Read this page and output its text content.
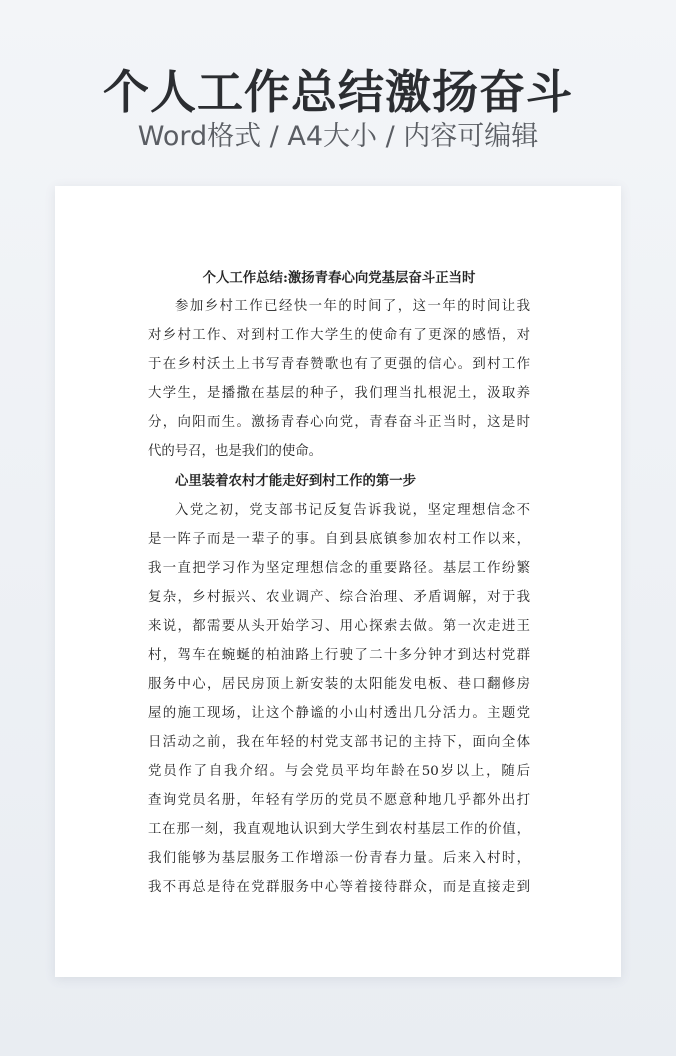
个人工作总结激扬奋斗
Word格式 / A4大小 / 内容可编辑
个人工作总结:激扬青春心向党基层奋斗正当时
参加乡村工作已经快一年的时间了，这一年的时间让我
对乡村工作、对到村工作大学生的使命有了更深的感悟，对
于在乡村沃土上书写青春赞歌也有了更强的信心。到村工作
大学生，是播撒在基层的种子，我们理当扎根泥土，汲取养
分，向阳而生。激扬青春心向党，青春奋斗正当时，这是时
代的号召，也是我们的使命。
心里装着农村才能走好到村工作的第一步
入党之初，党支部书记反复告诉我说，坚定理想信念不
是一阵子而是一辈子的事。自到县底镇参加农村工作以来，
我一直把学习作为坚定理想信念的重要路径。基层工作纷繁
复杂，乡村振兴、农业调产、综合治理、矛盾调解，对于我
来说，都需要从头开始学习、用心探索去做。第一次走进王
村，驾车在蜿蜒的柏油路上行驶了二十多分钟才到达村党群
服务中心，居民房顶上新安装的太阳能发电板、巷口翻修房
屋的施工现场，让这个静谧的小山村透出几分活力。主题党
日活动之前，我在年轻的村党支部书记的主持下，面向全体
党员作了自我介绍。与会党员平均年龄在50岁以上，随后
查询党员名册，年轻有学历的党员不愿意种地几乎都外出打
工在那一刻，我直观地认识到大学生到农村基层工作的价值，
我们能够为基层服务工作增添一份青春力量。后来入村时，
我不再总是待在党群服务中心等着接待群众，而是直接走到
